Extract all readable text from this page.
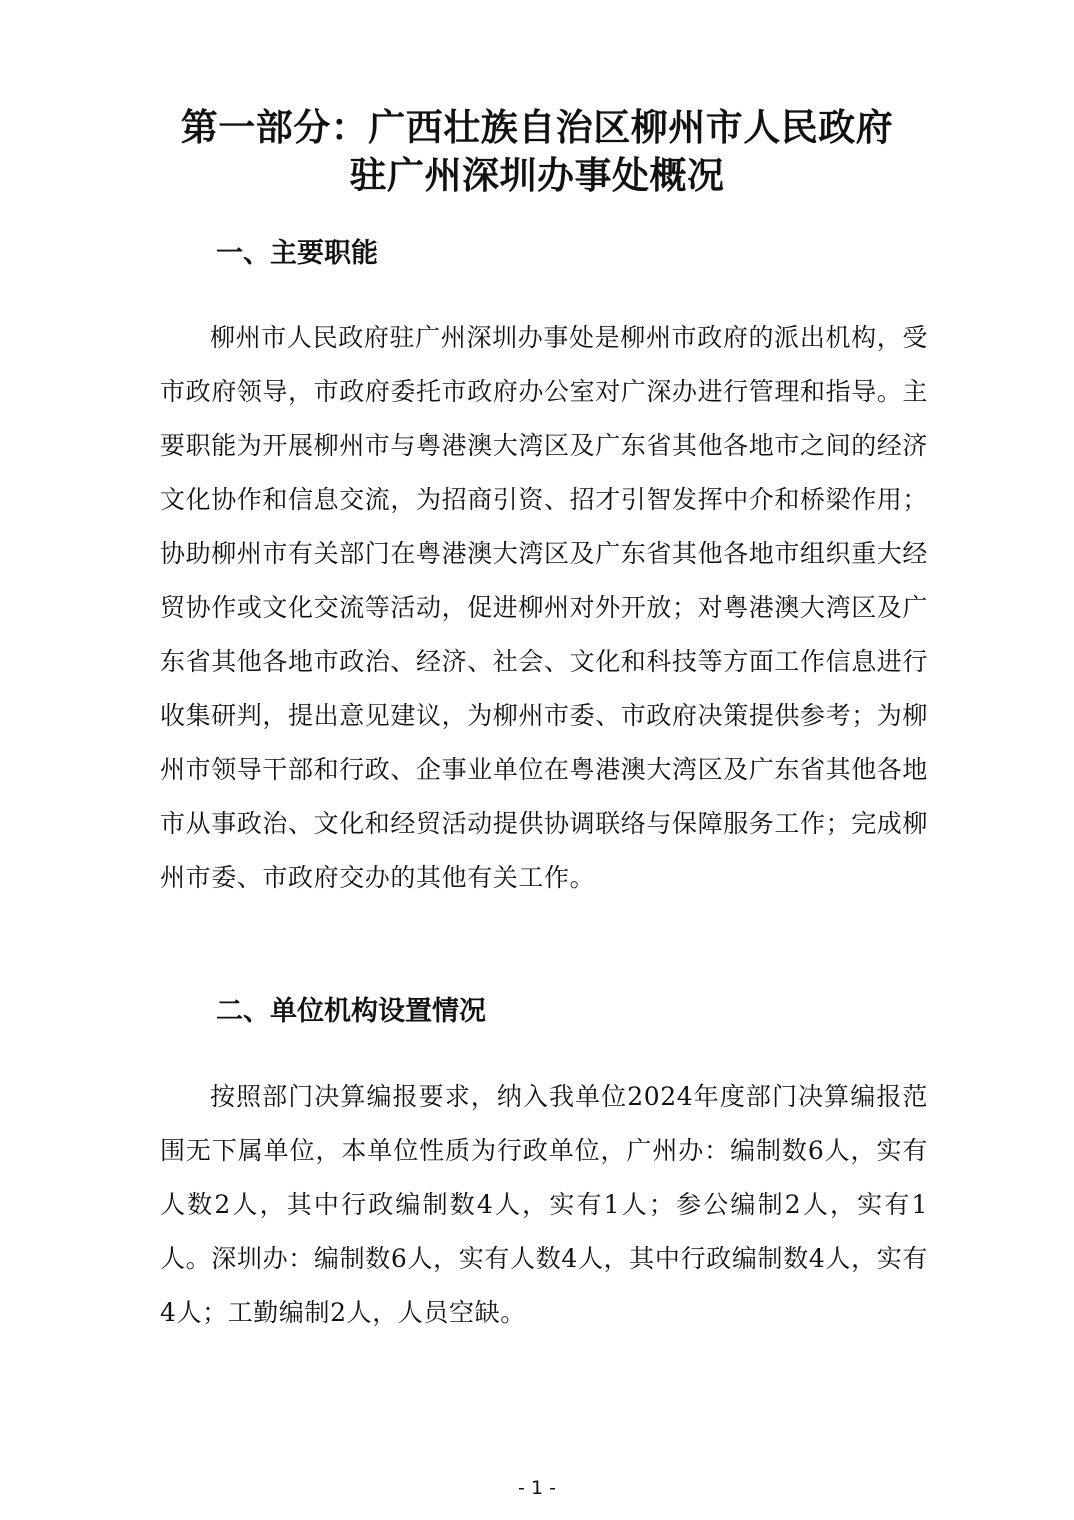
第一部分：广西壮族自治区柳州市人民政府
驻广州深圳办事处概况
一、主要职能

柳州市人民政府驻广州深圳办事处是柳州市政府的派出机构，受市政府领导，市政府委托市政府办公室对广深办进行管理和指导。主要职能为开展柳州市与粤港澳大湾区及广东省其他各地市之间的经济文化协作和信息交流，为招商引资、招才引智发挥中介和桥梁作用；协助柳州市有关部门在粤港澳大湾区及广东省其他各地市组织重大经贸协作或文化交流等活动，促进柳州对外开放；对粤港澳大湾区及广东省其他各地市政治、经济、社会、文化和科技等方面工作信息进行收集研判，提出意见建议，为柳州市委、市政府决策提供参考；为柳州市领导干部和行政、企事业单位在粤港澳大湾区及广东省其他各地市从事政治、文化和经贸活动提供协调联络与保障服务工作；完成柳州市委、市政府交办的其他有关工作。

二、单位机构设置情况

按照部门决算编报要求，纳入我单位2024年度部门决算编报范围无下属单位，本单位性质为行政单位，广州办：编制数6人，实有人数2人，其中行政编制数4人，实有1人；参公编制2人，实有1人。深圳办：编制数6人，实有人数4人，其中行政编制数4人，实有4人；工勤编制2人，人员空缺。

- 1 -
